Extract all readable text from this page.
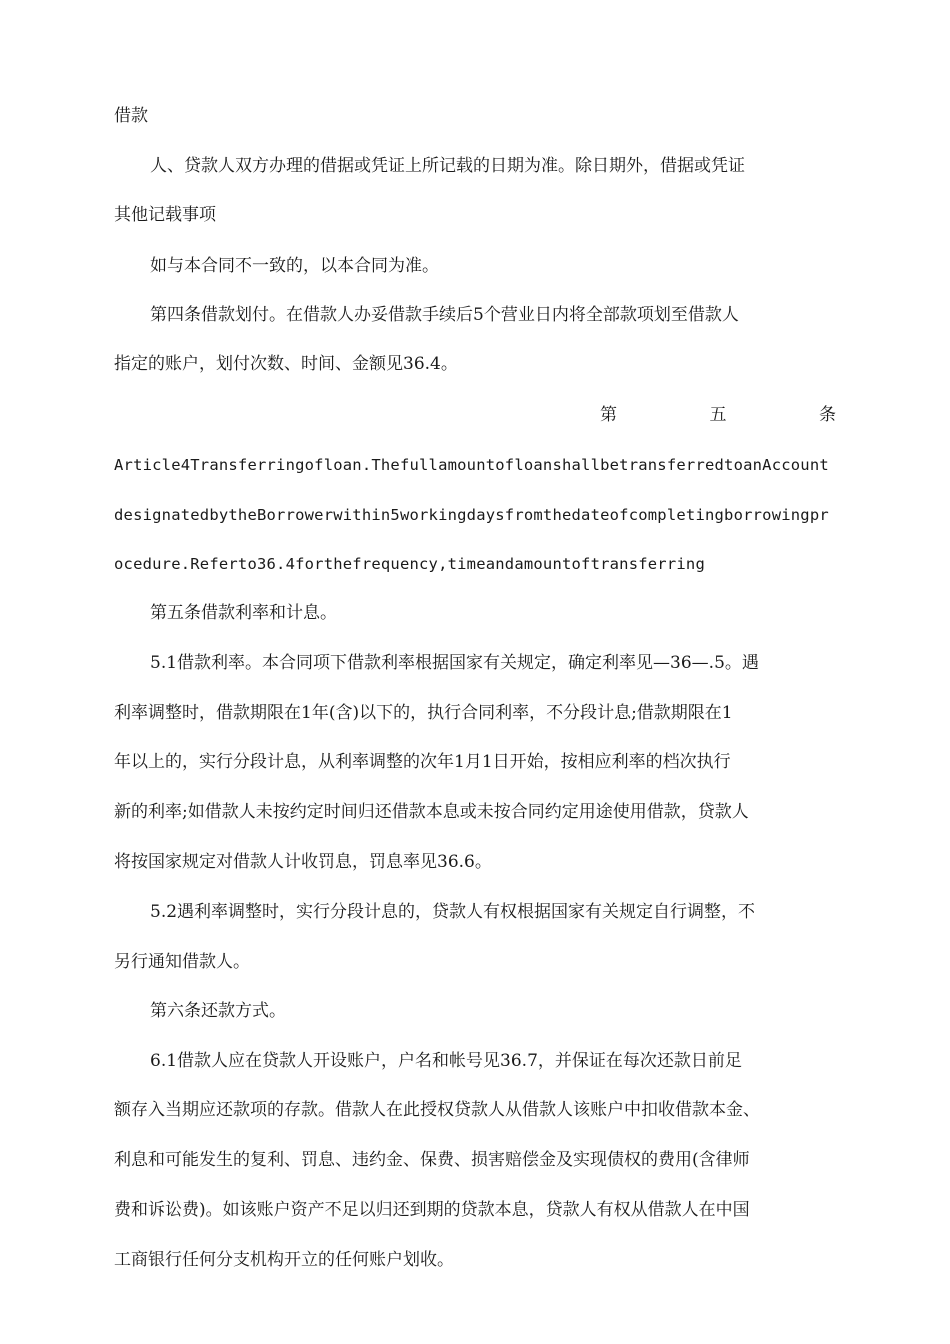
借款
人、贷款人双方办理的借据或凭证上所记载的日期为准。除日期外，借据或凭证
其他记载事项
如与本合同不一致的，以本合同为准。
第四条借款划付。在借款人办妥借款手续后5个营业日内将全部款项划至借款人
指定的账户，划付次数、时间、金额见36.4。
第	五	条
Article4Transferringofloan.ThefullamountofloanshallbetransferredtoanAccount
designatedbytheBorrowerwithin5workingdaysfromthedateofcompletingborrowingpr
ocedure.Referto36.4forthefrequency,timeandamountoftransferring
第五条借款利率和计息。
5.1借款利率。本合同项下借款利率根据国家有关规定，确定利率见—36—.5。遇
利率调整时，借款期限在1年(含)以下的，执行合同利率，不分段计息;借款期限在1
年以上的，实行分段计息，从利率调整的次年1月1日开始，按相应利率的档次执行
新的利率;如借款人未按约定时间归还借款本息或未按合同约定用途使用借款，贷款人
将按国家规定对借款人计收罚息，罚息率见36.6。
5.2遇利率调整时，实行分段计息的，贷款人有权根据国家有关规定自行调整，不
另行通知借款人。
第六条还款方式。
6.1借款人应在贷款人开设账户，户名和帐号见36.7，并保证在每次还款日前足
额存入当期应还款项的存款。借款人在此授权贷款人从借款人该账户中扣收借款本金、
利息和可能发生的复利、罚息、违约金、保费、损害赔偿金及实现债权的费用(含律师
费和诉讼费)。如该账户资产不足以归还到期的贷款本息，贷款人有权从借款人在中国
工商银行任何分支机构开立的任何账户划收。
